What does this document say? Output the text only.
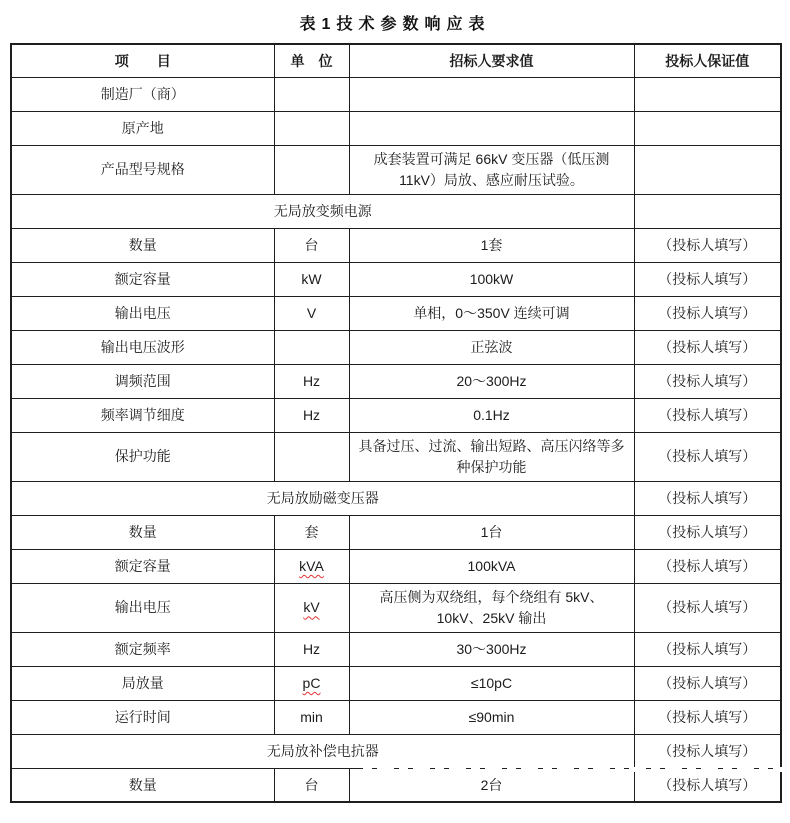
表1技术参数响应表
项　　目	单　位	招标人要求值	投标人保证值
制造厂（商）			
原产地			
产品型号规格		成套装置可满足 66kV 变压器（低压测 11kV）局放、感应耐压试验。	
无局放变频电源			
数量	台	1套	（投标人填写）
额定容量	kW	100kW	（投标人填写）
输出电压	V	单相，0～350V 连续可调	（投标人填写）
输出电压波形		正弦波	（投标人填写）
调频范围	Hz	20～300Hz	（投标人填写）
频率调节细度	Hz	0.1Hz	（投标人填写）
保护功能		具备过压、过流、输出短路、高压闪络等多种保护功能	（投标人填写）
无局放励磁变压器			（投标人填写）
数量	套	1台	（投标人填写）
额定容量	kVA	100kVA	（投标人填写）
输出电压	kV	高压侧为双绕组，每个绕组有 5kV、10kV、25kV 输出	（投标人填写）
额定频率	Hz	30～300Hz	（投标人填写）
局放量	pC	≤10pC	（投标人填写）
运行时间	min	≤90min	（投标人填写）
无局放补偿电抗器			（投标人填写）
数量	台	2台	（投标人填写）
